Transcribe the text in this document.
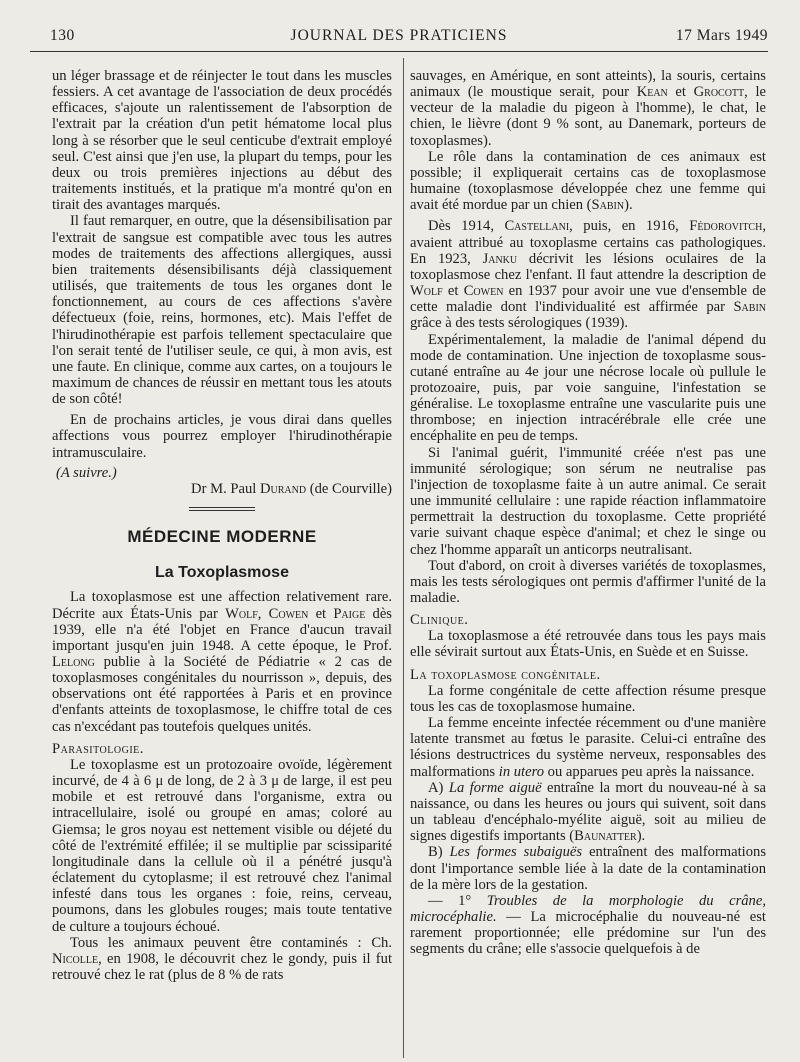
130	JOURNAL DES PRATICIENS	17 Mars 1949

un léger brassage et de réinjecter le tout dans les muscles fessiers. A cet avantage de l'association de deux procédés efficaces, s'ajoute un ralentissement de l'absorption de l'extrait par la création d'un petit hématome local plus long à se résorber que le seul centicube d'extrait employé seul. C'est ainsi que j'en use, la plupart du temps, pour les deux ou trois premières injections au début des traitements institués, et la pratique m'a montré qu'on en tirait des avantages marqués.

Il faut remarquer, en outre, que la désensibilisation par l'extrait de sangsue est compatible avec tous les autres modes de traitements des affections allergiques, aussi bien traitements désensibilisants déjà classiquement utilisés, que traitements de tous les organes dont le fonctionnement, au cours de ces affections s'avère défectueux (foie, reins, hormones, etc). Mais l'effet de l'hirudinothérapie est parfois tellement spectaculaire que l'on serait tenté de l'utiliser seule, ce qui, à mon avis, est une faute. En clinique, comme aux cartes, on a toujours le maximum de chances de réussir en mettant tous les atouts de son côté!

En de prochains articles, je vous dirai dans quelles affections vous pourrez employer l'hirudinothérapie intramusculaire.

(A suivre.)

Dr M. Paul Durand (de Courville)

MÉDECINE MODERNE
La Toxoplasmose

La toxoplasmose est une affection relativement rare. Décrite aux États-Unis par Wolf, Cowen et Paige dès 1939, elle n'a été l'objet en France d'aucun travail important jusqu'en juin 1948. A cette époque, le Prof. Lelong publie à la Société de Pédiatrie « 2 cas de toxoplasmoses congénitales du nourrisson », depuis, des observations ont été rapportées à Paris et en province d'enfants atteints de toxoplasmose, le chiffre total de ces cas n'excédant pas toutefois quelques unités.

Parasitologie.

Le toxoplasme est un protozoaire ovoïde, légèrement incurvé, de 4 à 6 μ de long, de 2 à 3 μ de large, il est peu mobile et est retrouvé dans l'organisme, extra ou intracellulaire, isolé ou groupé en amas; coloré au Giemsa; le gros noyau est nettement visible ou déjeté du côté de l'extrémité effilée; il se multiplie par scissiparité longitudinale dans la cellule où il a pénétré jusqu'à éclatement du cytoplasme; il est retrouvé chez l'animal infesté dans tous les organes : foie, reins, cerveau, poumons, dans les globules rouges; mais toute tentative de culture a toujours échoué.

Tous les animaux peuvent être contaminés : Ch. Nicolle, en 1908, le découvrit chez le gondy, puis il fut retrouvé chez le rat (plus de 8 % de rats

sauvages, en Amérique, en sont atteints), la souris, certains animaux (le moustique serait, pour Kean et Grocott, le vecteur de la maladie du pigeon à l'homme), le chat, le chien, le lièvre (dont 9 % sont, au Danemark, porteurs de toxoplasmes).

Le rôle dans la contamination de ces animaux est possible; il expliquerait certains cas de toxoplasmose humaine (toxoplasmose développée chez une femme qui avait été mordue par un chien (Sabin).

Dès 1914, Castellani, puis, en 1916, Fédorovitch, avaient attribué au toxoplasme certains cas pathologiques. En 1923, Janku décrivit les lésions oculaires de la toxoplasmose chez l'enfant. Il faut attendre la description de Wolf et Cowen en 1937 pour avoir une vue d'ensemble de cette maladie dont l'individualité est affirmée par Sabin grâce à des tests sérologiques (1939).

Expérimentalement, la maladie de l'animal dépend du mode de contamination. Une injection de toxoplasme sous-cutané entraîne au 4e jour une nécrose locale où pullule le protozoaire, puis, par voie sanguine, l'infestation se généralise. Le toxoplasme entraîne une vascularite puis une thrombose; en injection intracérébrale elle crée une encéphalite en peu de temps.

Si l'animal guérit, l'immunité créée n'est pas une immunité sérologique; son sérum ne neutralise pas l'injection de toxoplasme faite à un autre animal. Ce serait une immunité cellulaire : une rapide réaction inflammatoire permettrait la destruction du toxoplasme. Cette propriété varie suivant chaque espèce d'animal; et chez le singe ou chez l'homme apparaît un anticorps neutralisant.

Tout d'abord, on croit à diverses variétés de toxoplasmes, mais les tests sérologiques ont permis d'affirmer l'unité de la maladie.

Clinique.

La toxoplasmose a été retrouvée dans tous les pays mais elle sévirait surtout aux États-Unis, en Suède et en Suisse.

La toxoplasmose congénitale.

La forme congénitale de cette affection résume presque tous les cas de toxoplasmose humaine.

La femme enceinte infectée récemment ou d'une manière latente transmet au fœtus le parasite. Celui-ci entraîne des lésions destructrices du système nerveux, responsables des malformations in utero ou apparues peu après la naissance.

A) La forme aiguë entraîne la mort du nouveau-né à sa naissance, ou dans les heures ou jours qui suivent, soit dans un tableau d'encéphalo-myélite aiguë, soit au milieu de signes digestifs importants (Baunatter).

B) Les formes subaiguës entraînent des malformations dont l'importance semble liée à la date de la contamination de la mère lors de la gestation.

— 1° Troubles de la morphologie du crâne, microcéphalie. — La microcéphalie du nouveau-né est rarement proportionnée; elle prédomine sur l'un des segments du crâne; elle s'associe quelquefois à de
